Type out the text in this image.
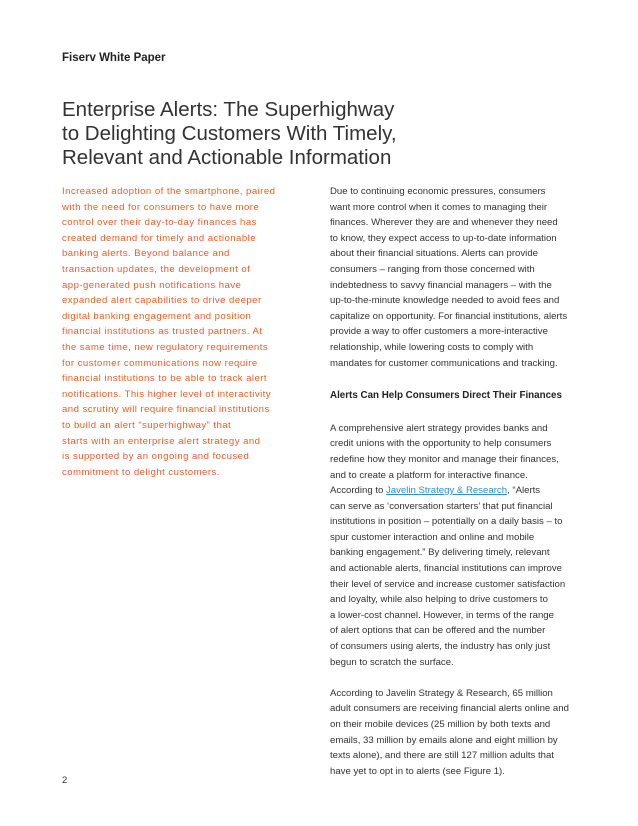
Fiserv White Paper
Enterprise Alerts: The Superhighway
to Delighting Customers With Timely,
Relevant and Actionable Information

Increased adoption of the smartphone, paired
with the need for consumers to have more
control over their day-to-day finances has
created demand for timely and actionable
banking alerts. Beyond balance and
transaction updates, the development of
app-generated push notifications have
expanded alert capabilities to drive deeper
digital banking engagement and position
financial institutions as trusted partners. At
the same time, new regulatory requirements
for customer communications now require
financial institutions to be able to track alert
notifications. This higher level of interactivity
and scrutiny will require financial institutions
to build an alert “superhighway” that
starts with an enterprise alert strategy and
is supported by an ongoing and focused
commitment to delight customers.

Due to continuing economic pressures, consumers
want more control when it comes to managing their
finances. Wherever they are and whenever they need
to know, they expect access to up-to-date information
about their financial situations. Alerts can provide
consumers – ranging from those concerned with
indebtedness to savvy financial managers – with the
up-to-the-minute knowledge needed to avoid fees and
capitalize on opportunity. For financial institutions, alerts
provide a way to offer customers a more-interactive
relationship, while lowering costs to comply with
mandates for customer communications and tracking.

Alerts Can Help Consumers Direct Their Finances

A comprehensive alert strategy provides banks and
credit unions with the opportunity to help consumers
redefine how they monitor and manage their finances,
and to create a platform for interactive finance.
According to Javelin Strategy & Research, “Alerts
can serve as ‘conversation starters’ that put financial
institutions in position – potentially on a daily basis – to
spur customer interaction and online and mobile
banking engagement.” By delivering timely, relevant
and actionable alerts, financial institutions can improve
their level of service and increase customer satisfaction
and loyalty, while also helping to drive customers to
a lower-cost channel. However, in terms of the range
of alert options that can be offered and the number
of consumers using alerts, the industry has only just
begun to scratch the surface.

According to Javelin Strategy & Research, 65 million
adult consumers are receiving financial alerts online and
on their mobile devices (25 million by both texts and
emails, 33 million by emails alone and eight million by
texts alone), and there are still 127 million adults that
have yet to opt in to alerts (see Figure 1).

2
